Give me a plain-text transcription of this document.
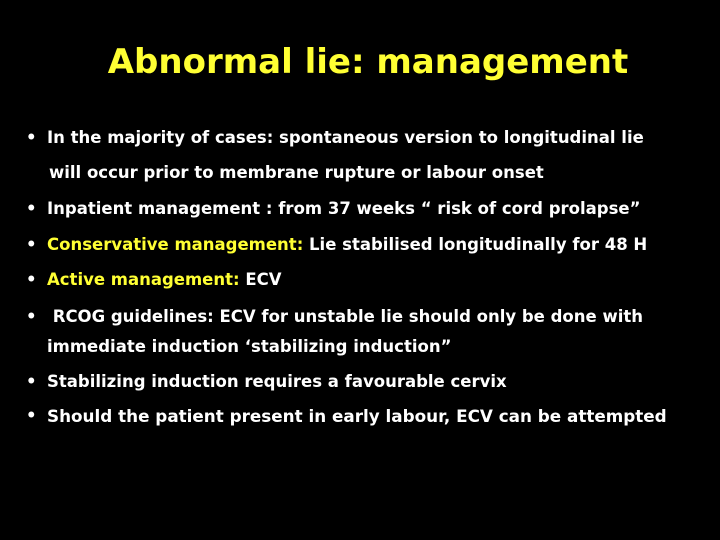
Abnormal lie: management
• In the majority of cases: spontaneous version to longitudinal lie
will occur prior to membrane rupture or labour onset
• Inpatient management : from 37 weeks “ risk of cord prolapse”
• Conservative management: Lie stabilised longitudinally for 48 H
• Active management: ECV
• RCOG guidelines: ECV for unstable lie should only be done with
immediate induction ‘stabilizing induction”
• Stabilizing induction requires a favourable cervix
• Should the patient present in early labour, ECV can be attempted
